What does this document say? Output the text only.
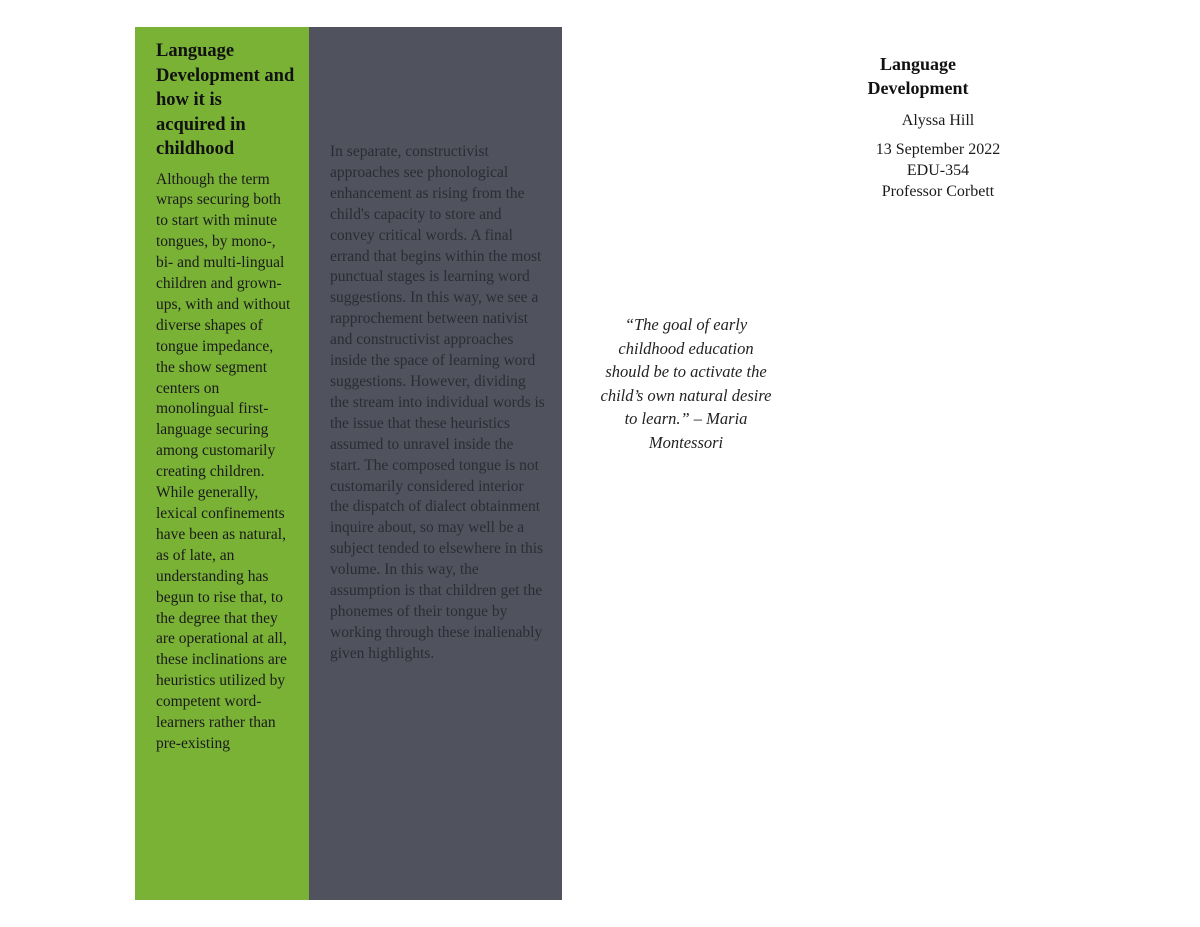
Language Development and how it is acquired in childhood

Although the term wraps securing both to start with minute tongues, by mono-, bi- and multi-lingual children and grown-ups, with and without diverse shapes of tongue impedance, the show segment centers on monolingual first-language securing among customarily creating children. While generally, lexical confinements have been as natural, as of late, an understanding has begun to rise that, to the degree that they are operational at all, these inclinations are heuristics utilized by competent word-learners rather than pre-existing

In separate, constructivist approaches see phonological enhancement as rising from the child's capacity to store and convey critical words. A final errand that begins within the most punctual stages is learning word suggestions. In this way, we see a rapprochement between nativist and constructivist approaches inside the space of learning word suggestions. However, dividing the stream into individual words is the issue that these heuristics assumed to unravel inside the start. The composed tongue is not customarily considered interior the dispatch of dialect obtainment inquire about, so may well be a subject tended to elsewhere in this volume. In this way, the assumption is that children get the phonemes of their tongue by working through these inalienably given highlights.

“The goal of early childhood education should be to activate the child’s own natural desire to learn.” – Maria Montessori

Language Development
Alyssa Hill
13 September 2022
EDU-354
Professor Corbett
